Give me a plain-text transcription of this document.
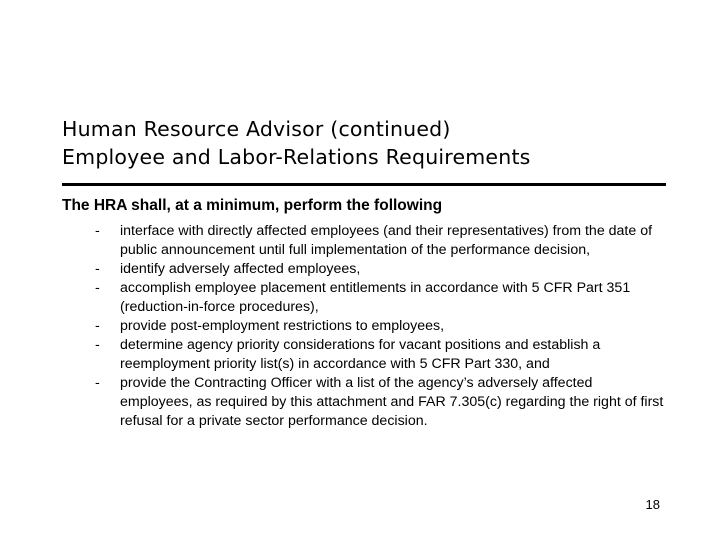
Human Resource Advisor (continued)
Employee and Labor-Relations Requirements
The HRA shall, at a minimum, perform the following
- interface with directly affected employees (and their representatives) from the date of public announcement until full implementation of the performance decision,
- identify adversely affected employees,
- accomplish employee placement entitlements in accordance with 5 CFR Part 351 (reduction-in-force procedures),
- provide post-employment restrictions to employees,
- determine agency priority considerations for vacant positions and establish a reemployment priority list(s) in accordance with 5 CFR Part 330, and
- provide the Contracting Officer with a list of the agency’s adversely affected employees, as required by this attachment and FAR 7.305(c) regarding the right of first refusal for a private sector performance decision.
18
